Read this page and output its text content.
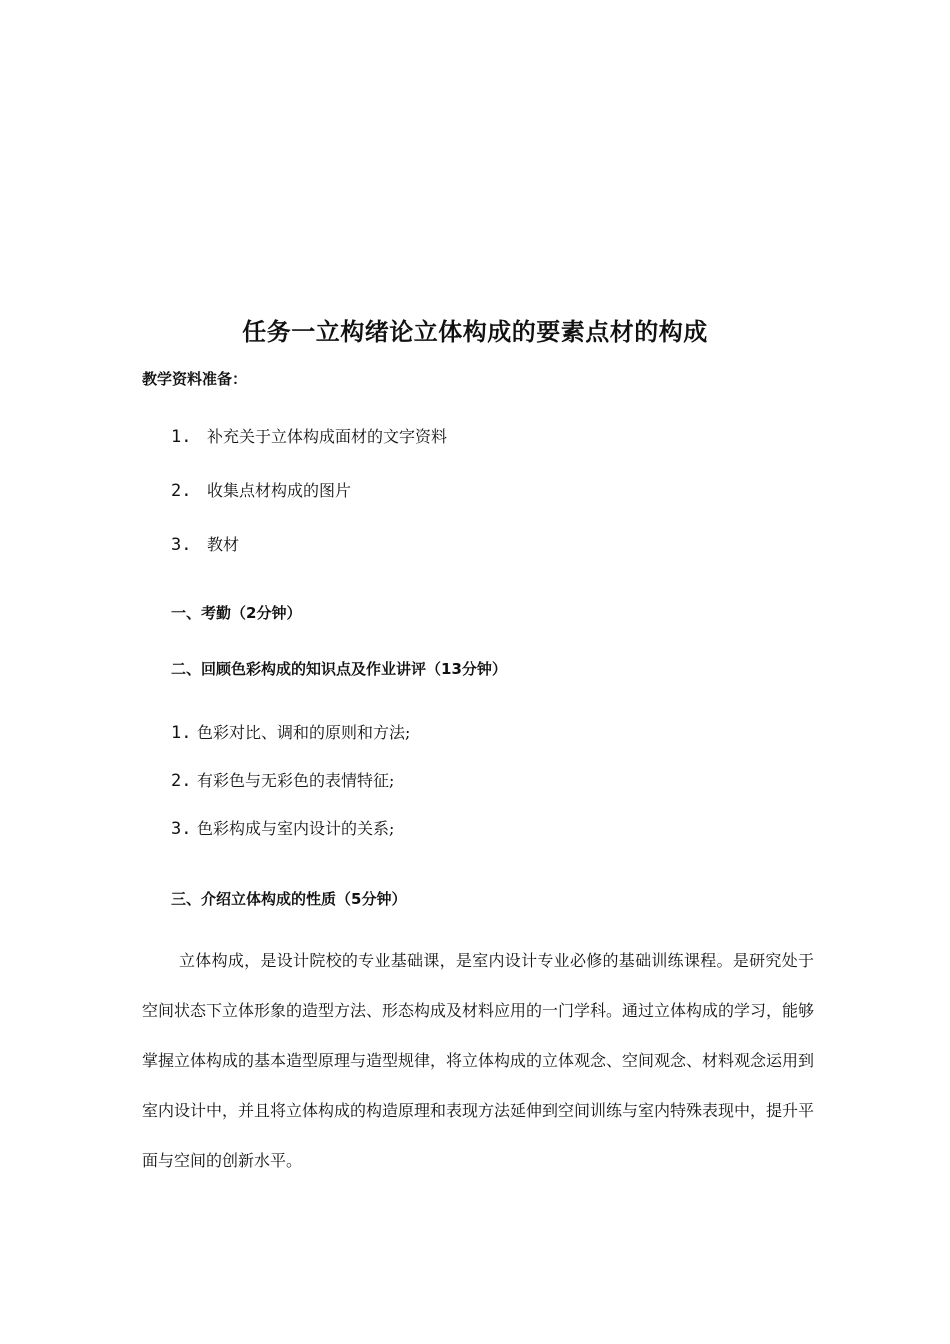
任务一立构绪论立体构成的要素点材的构成
教学资料准备：
1. 补充关于立体构成面材的文字资料
2. 收集点材构成的图片
3. 教材
一、考勤（2分钟）
二、回顾色彩构成的知识点及作业讲评（13分钟）
1. 色彩对比、调和的原则和方法;
2. 有彩色与无彩色的表情特征;
3. 色彩构成与室内设计的关系;
三、介绍立体构成的性质（5分钟）

立体构成，是设计院校的专业基础课，是室内设计专业必修的基础训练课程。是研究处于空间状态下立体形象的造型方法、形态构成及材料应用的一门学科。通过立体构成的学习，能够掌握立体构成的基本造型原理与造型规律，将立体构成的立体观念、空间观念、材料观念运用到室内设计中，并且将立体构成的构造原理和表现方法延伸到空间训练与室内特殊表现中，提升平面与空间的创新水平。
